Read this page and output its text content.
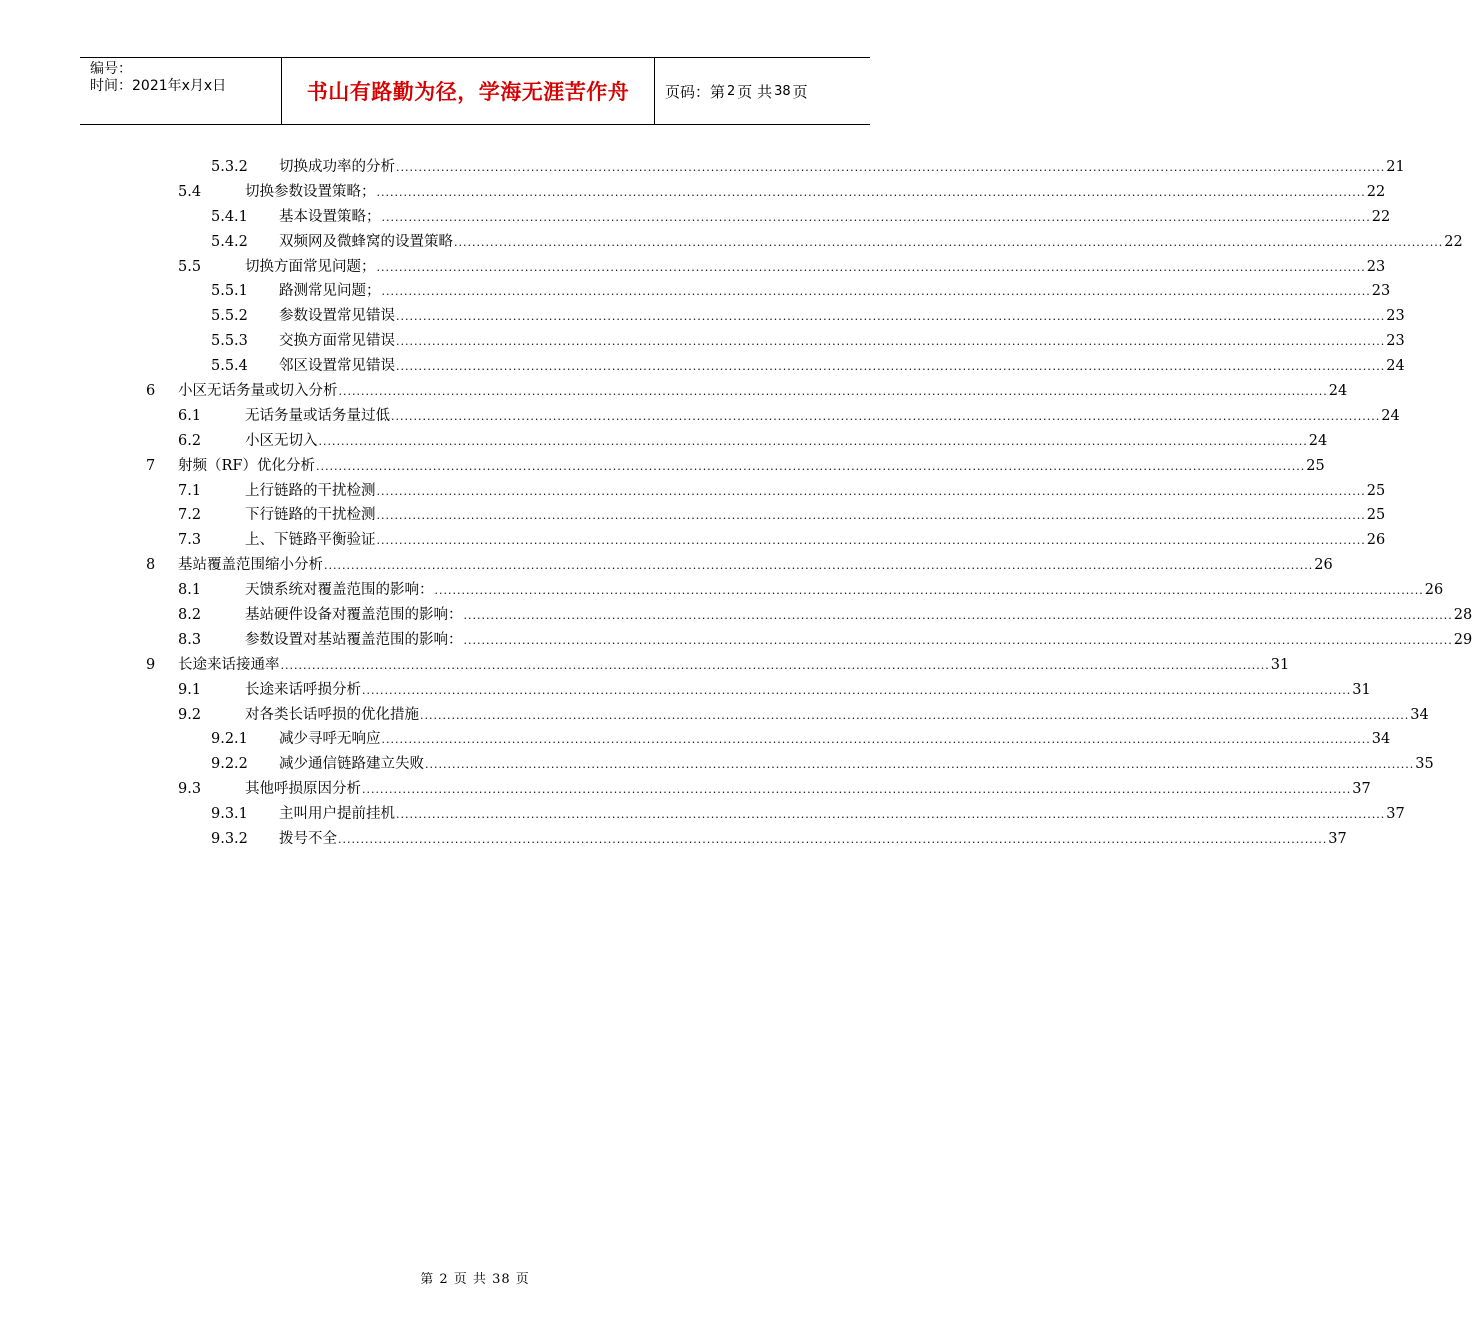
编号：
时间：2021年x月x日	书山有路勤为径，学海无涯苦作舟	页码：第 2 页 共 38 页
5.3.2 切换成功率的分析 ............................................................................................................................................................................................................................ 21
5.4	切换参数设置策略； ............................................................................................................................................................................................................................ 22
5.4.1 基本设置策略； ............................................................................................................................................................................................................................ 22
5.4.2 双频网及微蜂窝的设置策略 ............................................................................................................................................................................................................................ 22
5.5	切换方面常见问题； ............................................................................................................................................................................................................................ 23
5.5.1 路测常见问题； ............................................................................................................................................................................................................................ 23
5.5.2 参数设置常见错误 ............................................................................................................................................................................................................................ 23
5.5.3 交换方面常见错误 ............................................................................................................................................................................................................................ 23
5.5.4 邻区设置常见错误 ............................................................................................................................................................................................................................ 24
6 小区无话务量或切入分析 ............................................................................................................................................................................................................................ 24
6.1	无话务量或话务量过低 ............................................................................................................................................................................................................................ 24
6.2	小区无切入 ............................................................................................................................................................................................................................ 24
7 射频（RF）优化分析 ............................................................................................................................................................................................................................ 25
7.1	上行链路的干扰检测 ............................................................................................................................................................................................................................ 25
7.2	下行链路的干扰检测 ............................................................................................................................................................................................................................ 25
7.3	上、下链路平衡验证 ............................................................................................................................................................................................................................ 26
8 基站覆盖范围缩小分析 ............................................................................................................................................................................................................................ 26
8.1	天馈系统对覆盖范围的影响： ............................................................................................................................................................................................................................ 26
8.2	基站硬件设备对覆盖范围的影响： ............................................................................................................................................................................................................................ 28
8.3	参数设置对基站覆盖范围的影响： ............................................................................................................................................................................................................................ 29
9 长途来话接通率 ............................................................................................................................................................................................................................ 31
9.1	长途来话呼损分析 ............................................................................................................................................................................................................................ 31
9.2	对各类长话呼损的优化措施 ............................................................................................................................................................................................................................ 34
9.2.1 减少寻呼无响应 ............................................................................................................................................................................................................................ 34
9.2.2 减少通信链路建立失败 ............................................................................................................................................................................................................................ 35
9.3	其他呼损原因分析 ............................................................................................................................................................................................................................ 37
9.3.1 主叫用户提前挂机 ............................................................................................................................................................................................................................ 37
9.3.2 拨号不全 ............................................................................................................................................................................................................................ 37
第 2 页 共 38 页
